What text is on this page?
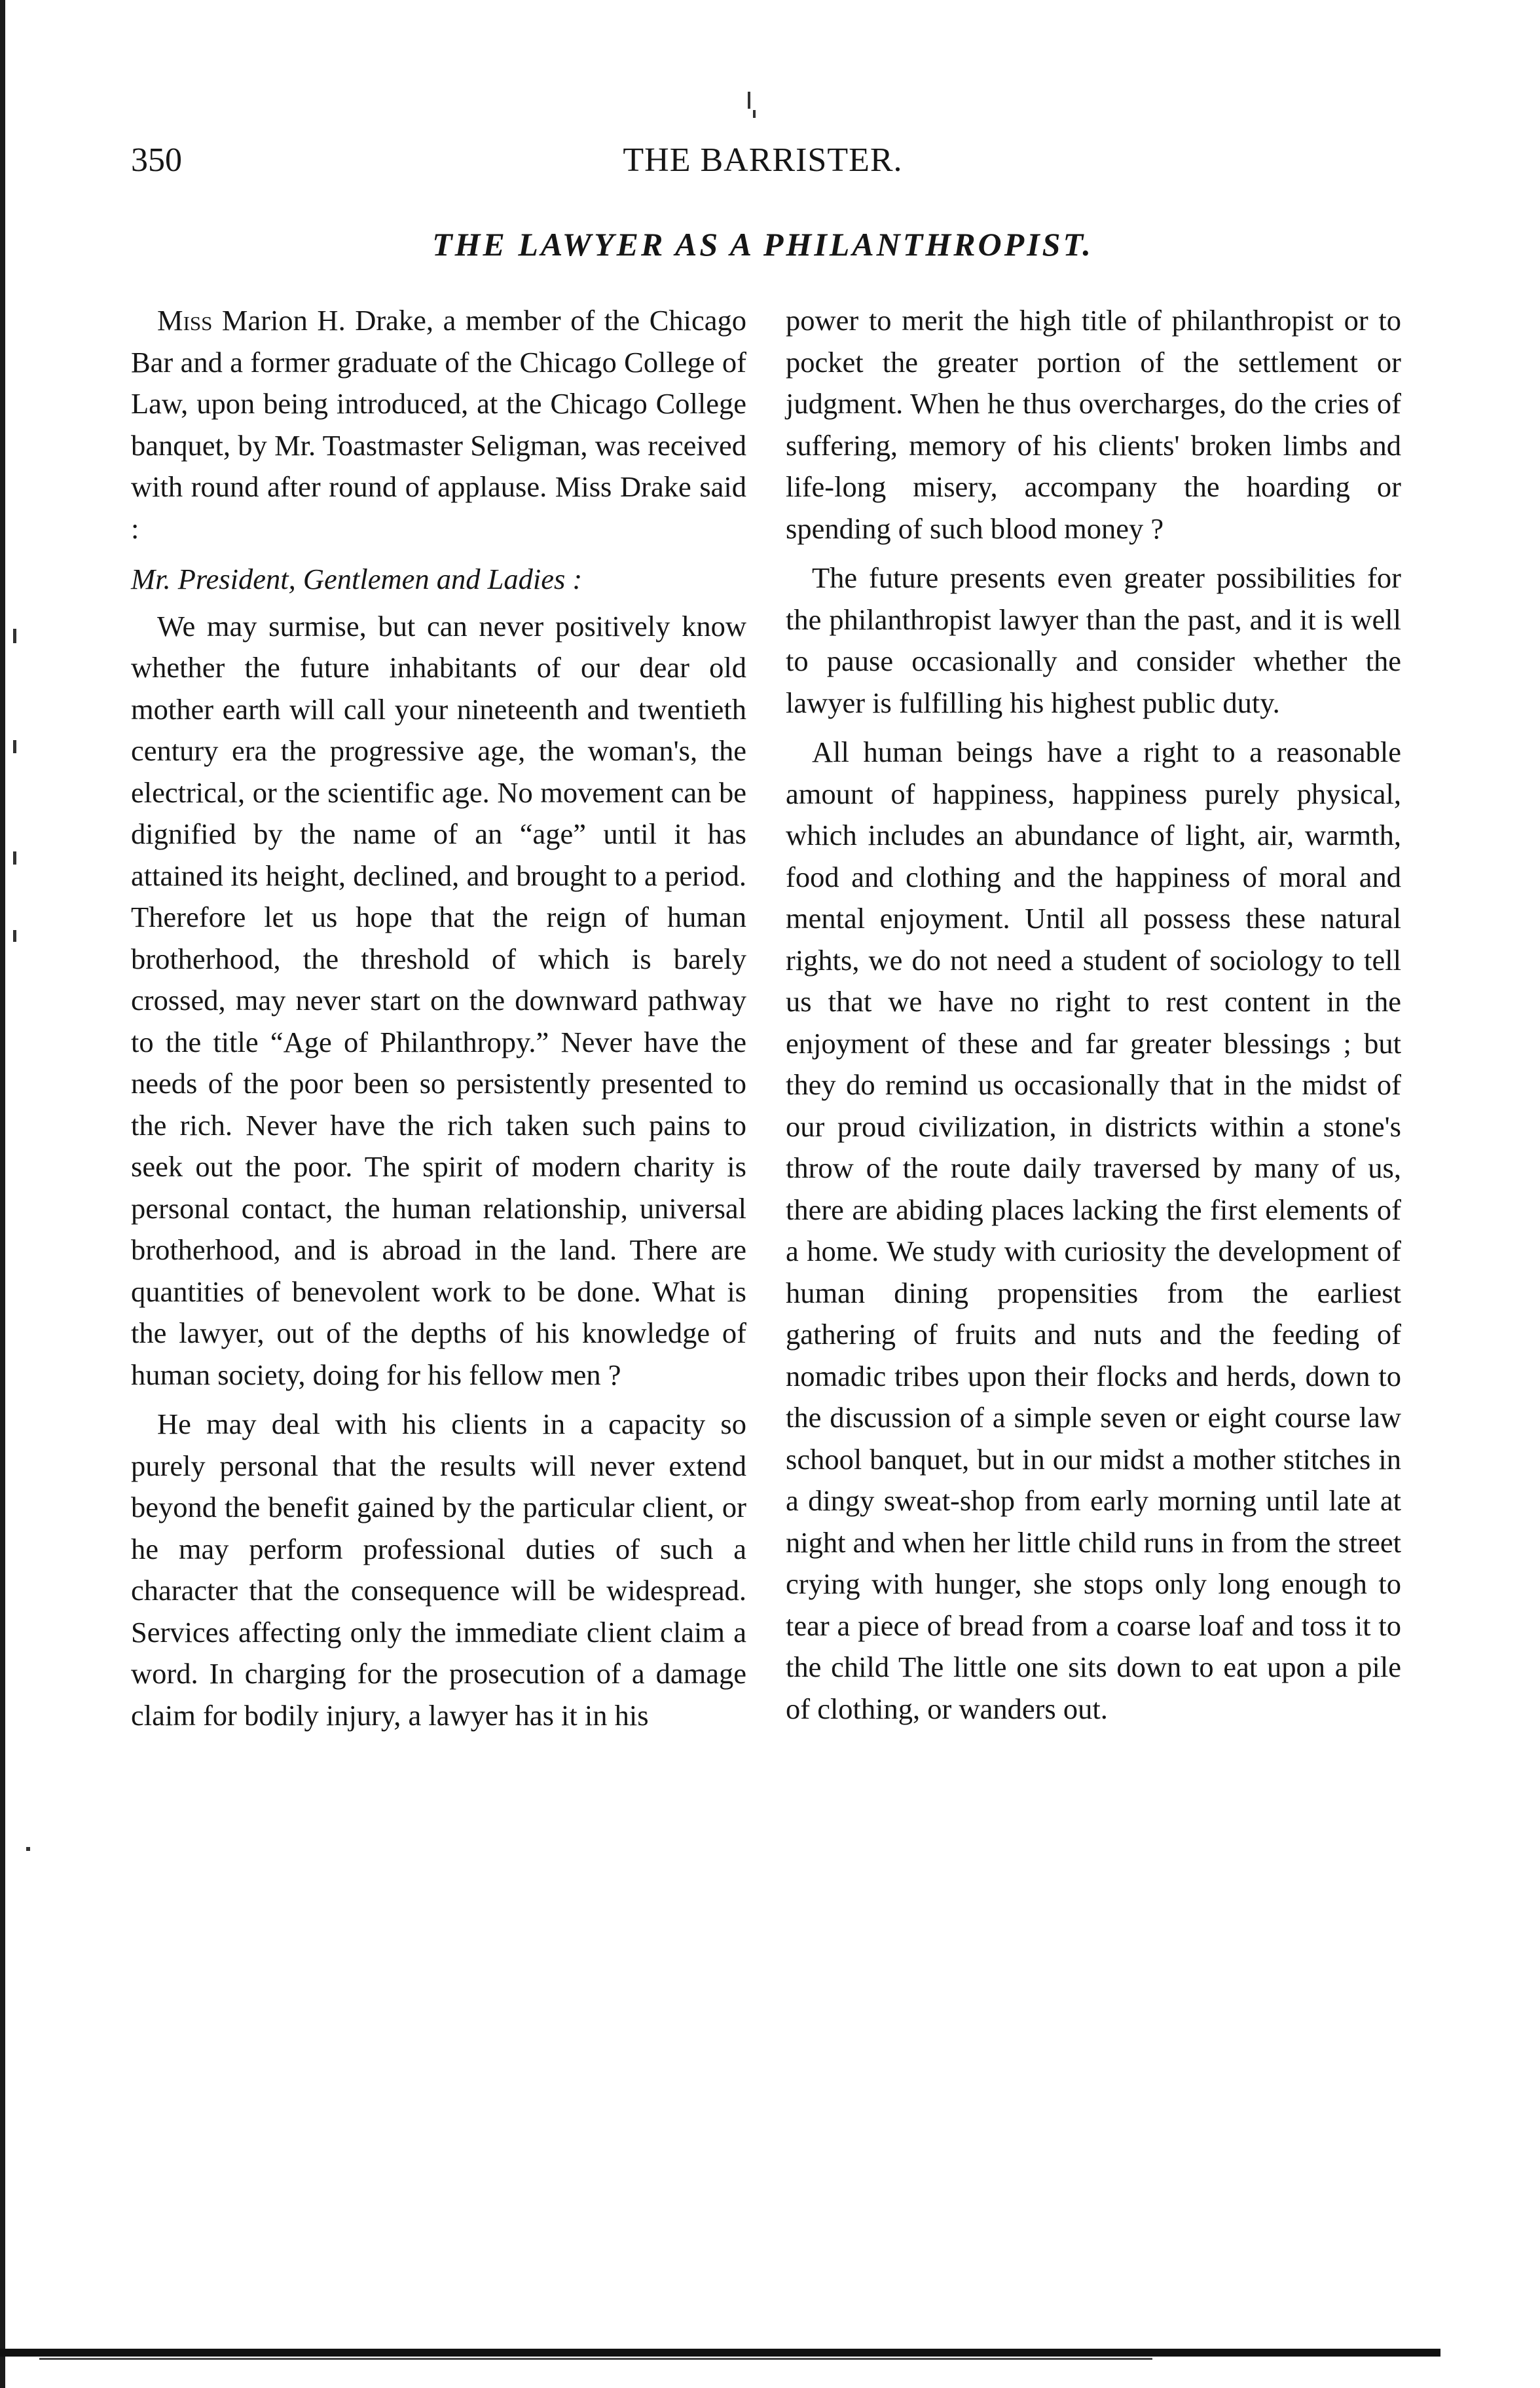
350	THE BARRISTER.
THE LAWYER AS A PHILANTHROPIST.

Miss Marion H. Drake, a member of the Chicago Bar and a former graduate of the Chicago College of Law, upon being introduced, at the Chicago College banquet, by Mr. Toastmaster Seligman, was received with round after round of applause. Miss Drake said :

Mr. President, Gentlemen and Ladies :

We may surmise, but can never positively know whether the future inhabitants of our dear old mother earth will call your nineteenth and twentieth century era the progressive age, the woman's, the electrical, or the scientific age. No movement can be dignified by the name of an “age” until it has attained its height, declined, and brought to a period. Therefore let us hope that the reign of human brotherhood, the threshold of which is barely crossed, may never start on the downward pathway to the title “Age of Philanthropy.” Never have the needs of the poor been so persistently presented to the rich. Never have the rich taken such pains to seek out the poor. The spirit of modern charity is personal contact, the human relationship, universal brotherhood, and is abroad in the land. There are quantities of benevolent work to be done. What is the lawyer, out of the depths of his knowledge of human society, doing for his fellow men ?

He may deal with his clients in a capacity so purely personal that the results will never extend beyond the benefit gained by the particular client, or he may perform professional duties of such a character that the consequence will be widespread. Services affecting only the immediate client claim a word. In charging for the prosecution of a damage claim for bodily injury, a lawyer has it in his

power to merit the high title of philanthropist or to pocket the greater portion of the settlement or judgment. When he thus overcharges, do the cries of suffering, memory of his clients' broken limbs and life-long misery, accompany the hoarding or spending of such blood money ?

The future presents even greater possibilities for the philanthropist lawyer than the past, and it is well to pause occasionally and consider whether the lawyer is fulfilling his highest public duty.

All human beings have a right to a reasonable amount of happiness, happiness purely physical, which includes an abundance of light, air, warmth, food and clothing and the happiness of moral and mental enjoyment. Until all possess these natural rights, we do not need a student of sociology to tell us that we have no right to rest content in the enjoyment of these and far greater blessings ; but they do remind us occasionally that in the midst of our proud civilization, in districts within a stone's throw of the route daily traversed by many of us, there are abiding places lacking the first elements of a home. We study with curiosity the development of human dining propensities from the earliest gathering of fruits and nuts and the feeding of nomadic tribes upon their flocks and herds, down to the discussion of a simple seven or eight course law school banquet, but in our midst a mother stitches in a dingy sweat-shop from early morning until late at night and when her little child runs in from the street crying with hunger, she stops only long enough to tear a piece of bread from a coarse loaf and toss it to the child The little one sits down to eat upon a pile of clothing, or wanders out.
